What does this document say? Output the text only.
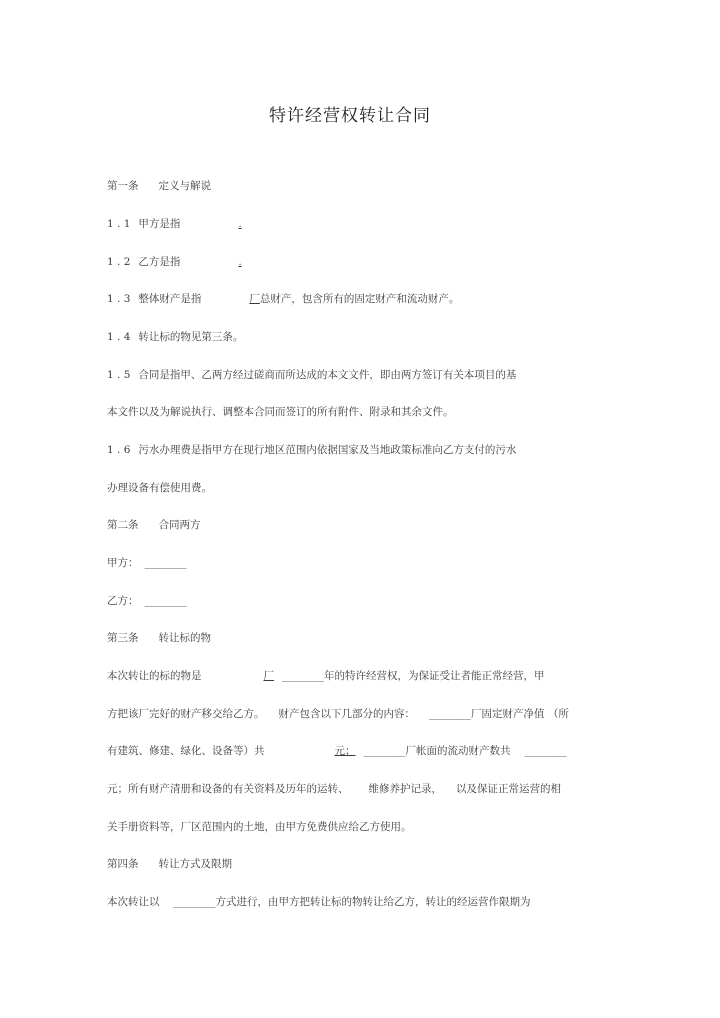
特许经营权转让合同
第一条 定义与解说
1 . 1 甲方是指	.
1 . 2 乙方是指	.
1 . 3 整体财产是指	厂总财产，包含所有的固定财产和流动财产。
1 . 4 转让标的物见第三条。
1 . 5 合同是指甲、乙两方经过磋商而所达成的本文文件，即由两方签订有关本项目的基
本文件以及为解说执行、调整本合同而签订的所有附件、附录和其余文件。
1 . 6 污水办理费是指甲方在现行地区范围内依据国家及当地政策标准向乙方支付的污水
办理设备有偿使用费。
第二条 合同两方
甲方： ________
乙方： ________
第三条 转让标的物
本次转让的标的物是	厂 ________年的特许经营权，为保证受让者能正常经营，甲
方把该厂完好的财产移交给乙方。 财产包含以下几部分的内容： ________厂固定财产净值 （所
有建筑、修建、绿化、设备等）共	元； ________厂帐面的流动财产数共 ________
元；所有财产清册和设备的有关资料及历年的运转、 维修养护记录， 以及保证正常运营的相
关手册资料等，厂区范围内的土地，由甲方免费供应给乙方使用。
第四条 转让方式及限期
本次转让以 ________方式进行，由甲方把转让标的物转让给乙方，转让的经运营作限期为
